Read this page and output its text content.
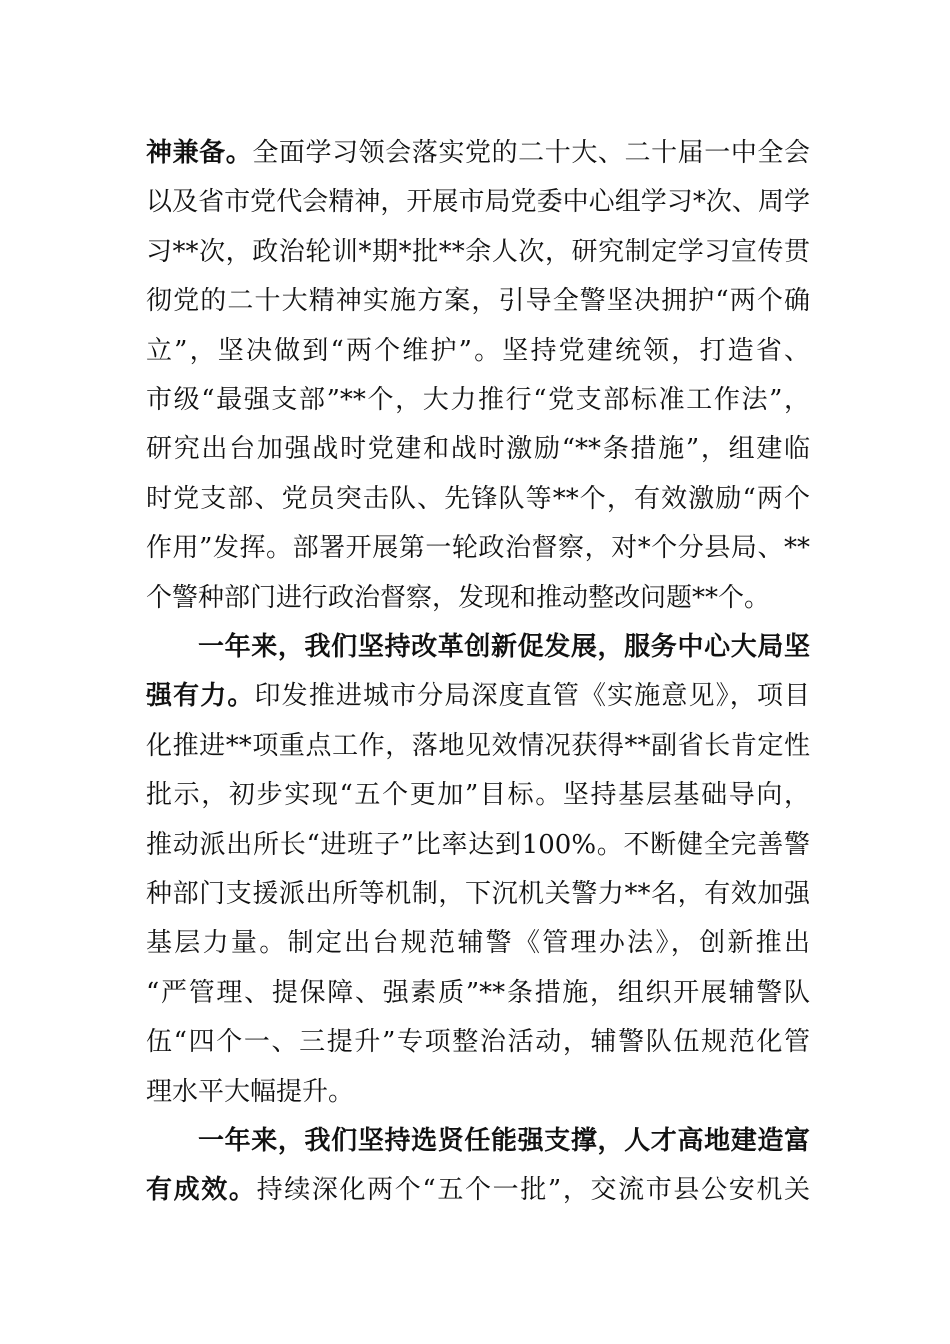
神兼备。全面学习领会落实党的二十大、二十届一中全会
以及省市党代会精神，开展市局党委中心组学习*次、周学
习**次，政治轮训*期*批**余人次，研究制定学习宣传贯
彻党的二十大精神实施方案，引导全警坚决拥护“两个确
立”，坚决做到“两个维护”。坚持党建统领，打造省、
市级“最强支部”**个，大力推行“党支部标准工作法”，
研究出台加强战时党建和战时激励“**条措施”，组建临
时党支部、党员突击队、先锋队等**个，有效激励“两个
作用”发挥。部署开展第一轮政治督察，对*个分县局、**
个警种部门进行政治督察，发现和推动整改问题**个。
一年来，我们坚持改革创新促发展，服务中心大局坚
强有力。印发推进城市分局深度直管《实施意见》，项目
化推进**项重点工作，落地见效情况获得**副省长肯定性
批示，初步实现“五个更加”目标。坚持基层基础导向，
推动派出所长“进班子”比率达到100%。不断健全完善警
种部门支援派出所等机制，下沉机关警力**名，有效加强
基层力量。制定出台规范辅警《管理办法》，创新推出
“严管理、提保障、强素质”**条措施，组织开展辅警队
伍“四个一、三提升”专项整治活动，辅警队伍规范化管
理水平大幅提升。
一年来，我们坚持选贤任能强支撑，人才高地建造富
有成效。持续深化两个“五个一批”，交流市县公安机关
